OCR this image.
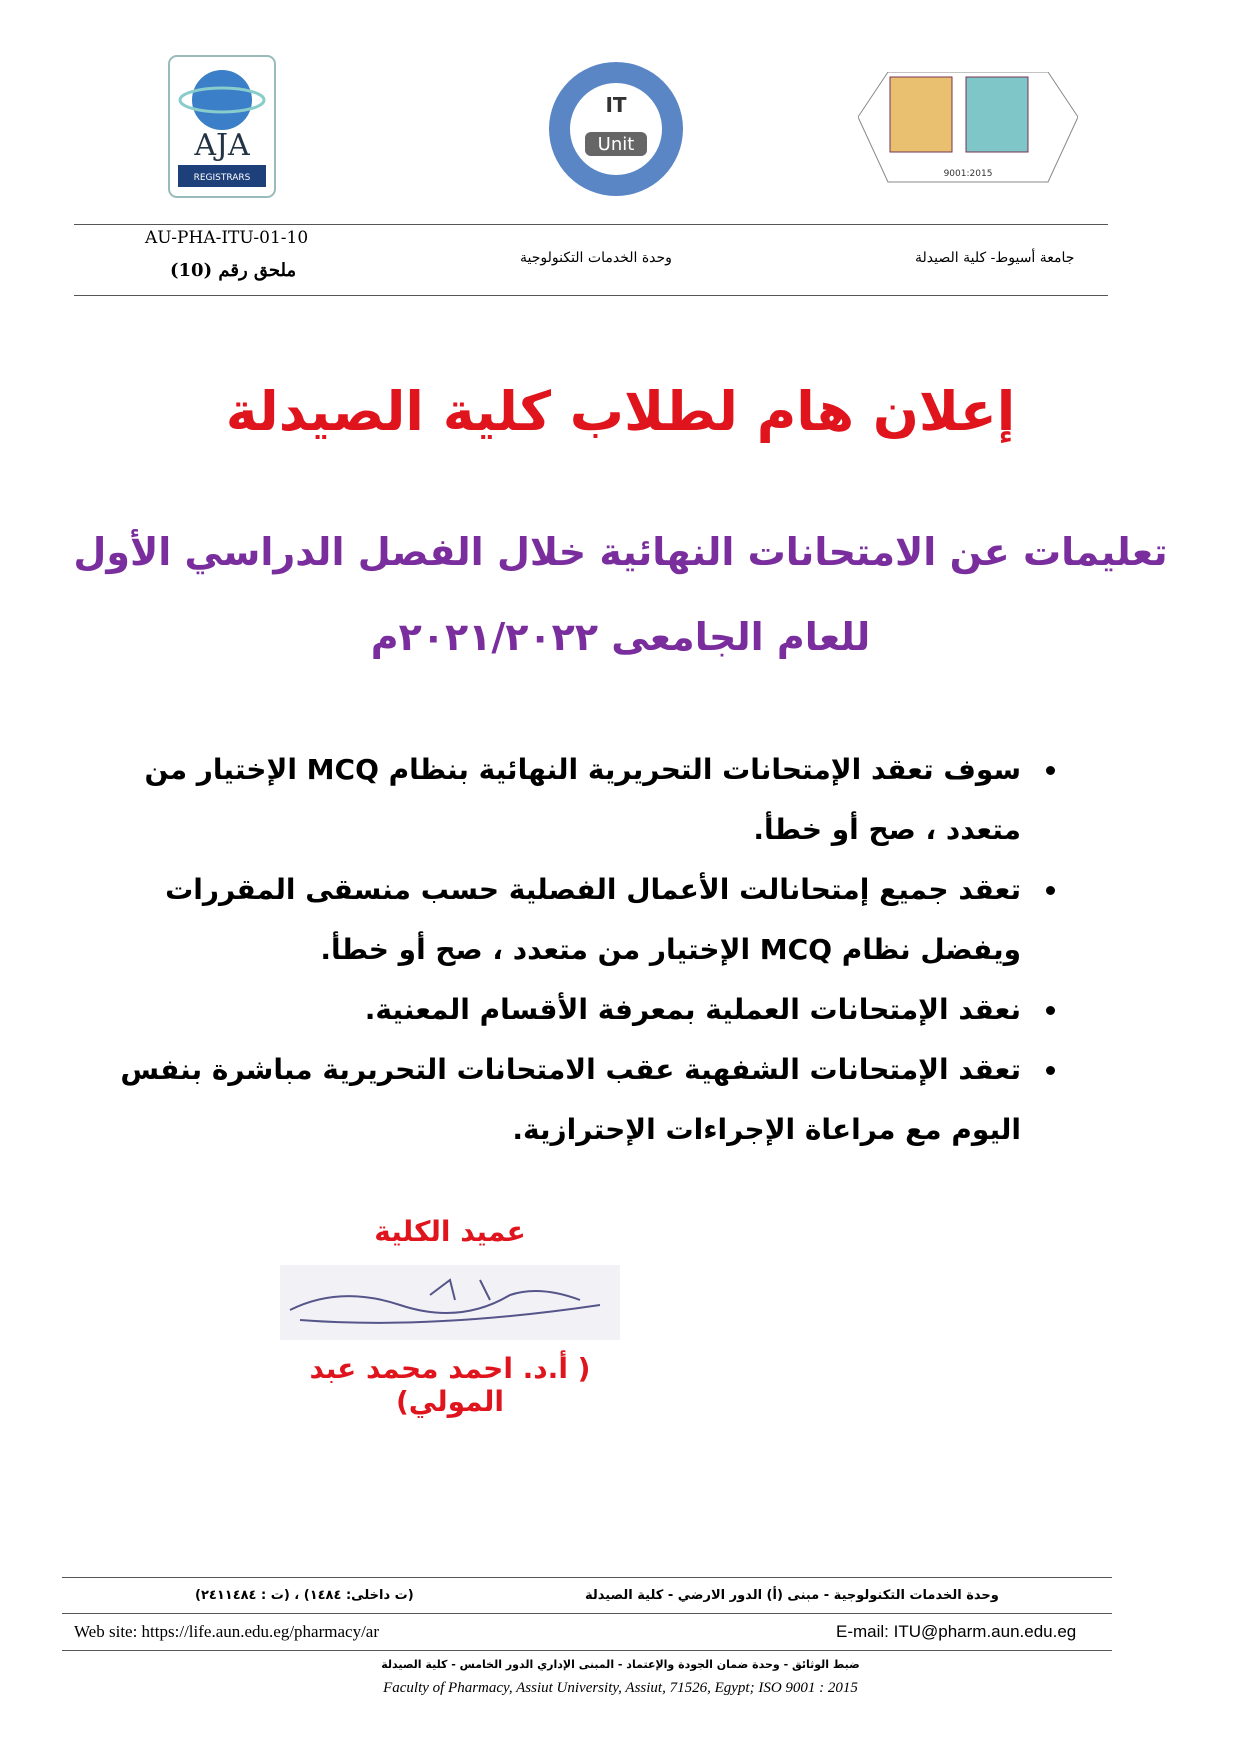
AJA
REGISTRARS
IT
Unit
9001:2015
AU-PHA-ITU-01-10
ملحق رقم (10)
وحدة الخدمات التكنولوجية	جامعة أسيوط- كلية الصيدلة
إعلان هام لطلاب كلية الصيدلة
تعليمات عن الامتحانات النهائية خلال الفصل الدراسي الأول
للعام الجامعى ٢٠٢١/٢٠٢٢م
• سوف تعقد الإمتحانات التحريرية النهائية بنظام MCQ الإختيار من متعدد ، صح أو خطأ.
• تعقد جميع إمتحانالت الأعمال الفصلية حسب منسقى المقررات ويفضل نظام MCQ الإختيار من متعدد ، صح أو خطأ.
• نعقد الإمتحانات العملية بمعرفة الأقسام المعنية.
• تعقد الإمتحانات الشفهية عقب الامتحانات التحريرية مباشرة بنفس اليوم مع مراعاة الإجراءات الإحترازية.
عميد الكلية
( أ.د. احمد محمد عبد المولي)
وحدة الخدمات التكنولوجية - مبنى (أ) الدور الارضي - كلية الصيدلة
(ت داخلى: ١٤٨٤) ، (ت : ٢٤١١٤٨٤)
Web site: https://life.aun.edu.eg/pharmacy/ar	E-mail: ITU@pharm.aun.edu.eg
ضبط الوثائق - وحدة ضمان الجودة والإعتماد - المبنى الإداري الدور الخامس - كلية الصيدلة
Faculty of Pharmacy, Assiut University, Assiut, 71526, Egypt; ISO 9001 : 2015
